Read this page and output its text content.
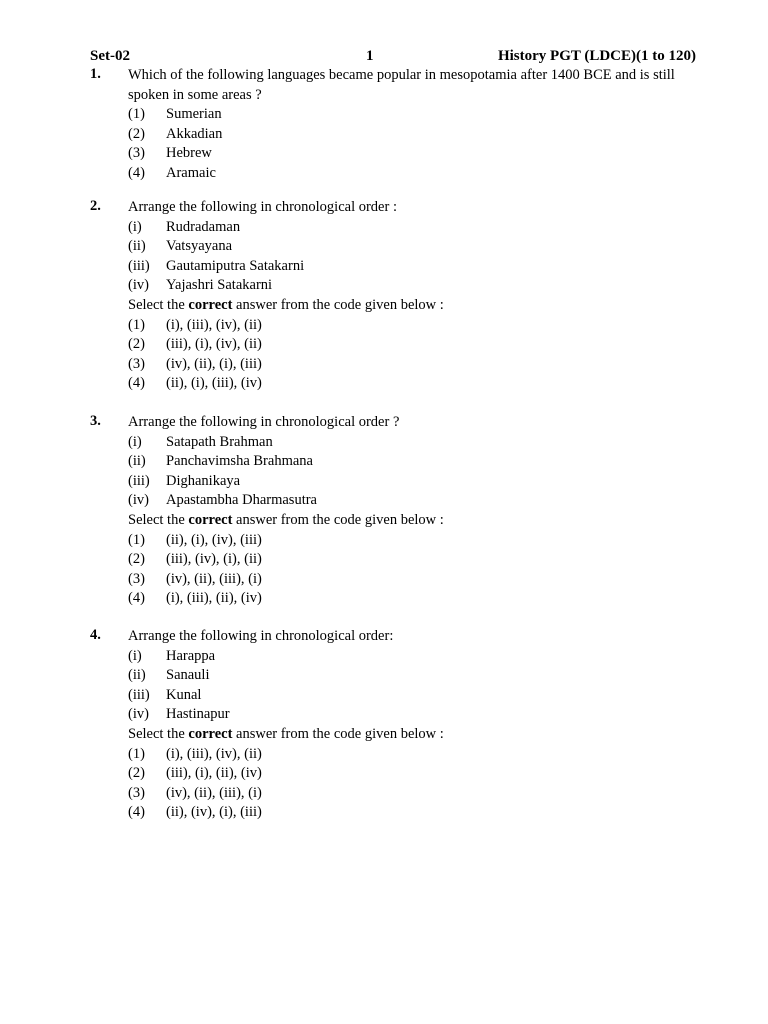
Set-02	1	History PGT (LDCE)(1 to 120)
1. Which of the following languages became popular in mesopotamia after 1400 BCE and is still spoken in some areas ?
(1) Sumerian
(2) Akkadian
(3) Hebrew
(4) Aramaic
2. Arrange the following in chronological order :
(i) Rudradaman
(ii) Vatsyayana
(iii) Gautamiputra Satakarni
(iv) Yajashri Satakarni
Select the correct answer from the code given below :
(1) (i), (iii), (iv), (ii)
(2) (iii), (i), (iv), (ii)
(3) (iv), (ii), (i), (iii)
(4) (ii), (i), (iii), (iv)
3. Arrange the following in chronological order ?
(i) Satapath Brahman
(ii) Panchavimsha Brahmana
(iii) Dighanikaya
(iv) Apastambha Dharmasutra
Select the correct answer from the code given below :
(1) (ii), (i), (iv), (iii)
(2) (iii), (iv), (i), (ii)
(3) (iv), (ii), (iii), (i)
(4) (i), (iii), (ii), (iv)
4. Arrange the following in chronological order:
(i) Harappa
(ii) Sanauli
(iii) Kunal
(iv) Hastinapur
Select the correct answer from the code given below :
(1) (i), (iii), (iv), (ii)
(2) (iii), (i), (ii), (iv)
(3) (iv), (ii), (iii), (i)
(4) (ii), (iv), (i), (iii)
